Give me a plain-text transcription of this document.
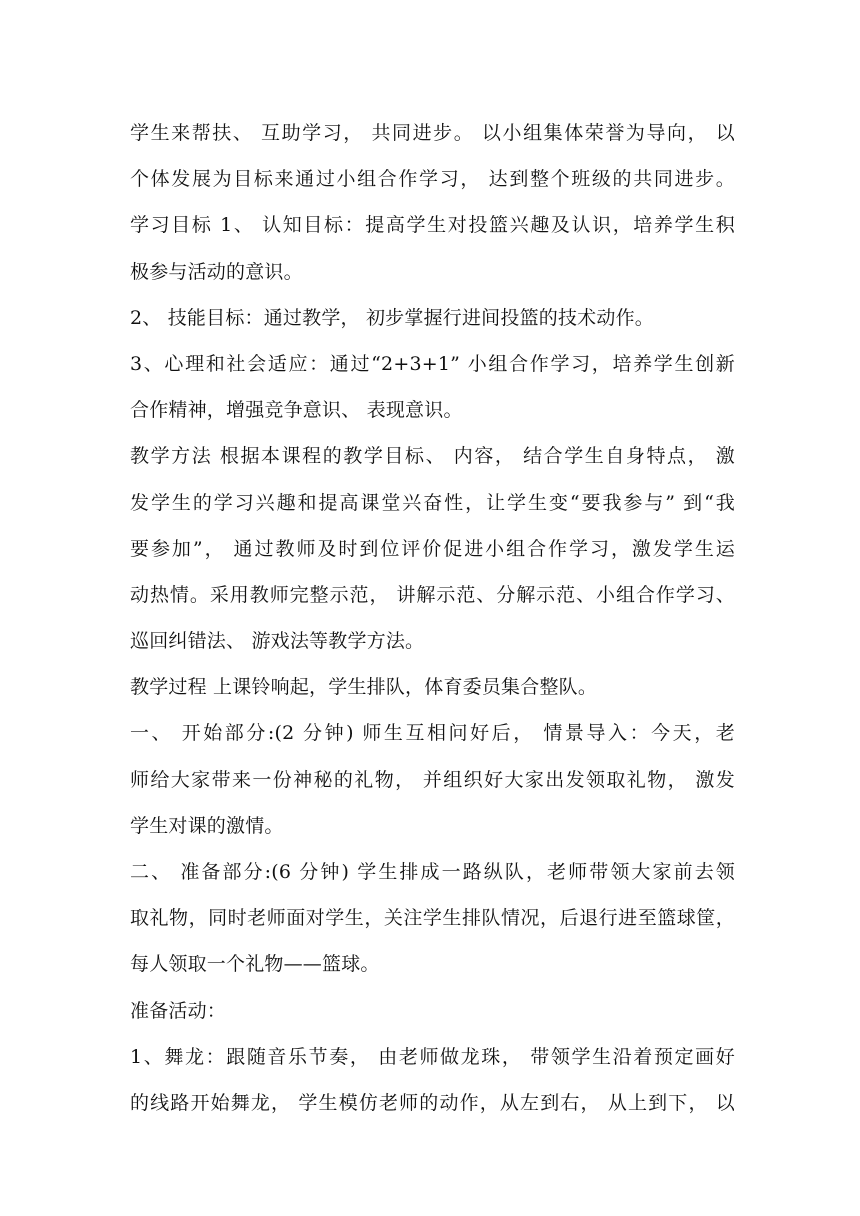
学生来帮扶、 互助学习， 共同进步。 以小组集体荣誉为导向， 以
个体发展为目标来通过小组合作学习， 达到整个班级的共同进步。
学习目标 1、 认知目标：提高学生对投篮兴趣及认识，培养学生积
极参与活动的意识。
2、 技能目标：通过教学， 初步掌握行进间投篮的技术动作。
3、心理和社会适应：通过“2+3+1” 小组合作学习，培养学生创新
合作精神，增强竞争意识、 表现意识。
教学方法 根据本课程的教学目标、 内容， 结合学生自身特点， 激
发学生的学习兴趣和提高课堂兴奋性，让学生变“要我参与” 到“我
要参加”， 通过教师及时到位评价促进小组合作学习，激发学生运
动热情。采用教师完整示范， 讲解示范、分解示范、小组合作学习、
巡回纠错法、 游戏法等教学方法。
教学过程 上课铃响起，学生排队，体育委员集合整队。
一、 开始部分:(2 分钟) 师生互相问好后， 情景导入：今天，老
师给大家带来一份神秘的礼物， 并组织好大家出发领取礼物， 激发
学生对课的激情。
二、 准备部分:(6 分钟) 学生排成一路纵队，老师带领大家前去领
取礼物，同时老师面对学生，关注学生排队情况，后退行进至篮球筐，
每人领取一个礼物——篮球。
准备活动：
1、舞龙：跟随音乐节奏， 由老师做龙珠， 带领学生沿着预定画好
的线路开始舞龙， 学生模仿老师的动作，从左到右， 从上到下， 以
